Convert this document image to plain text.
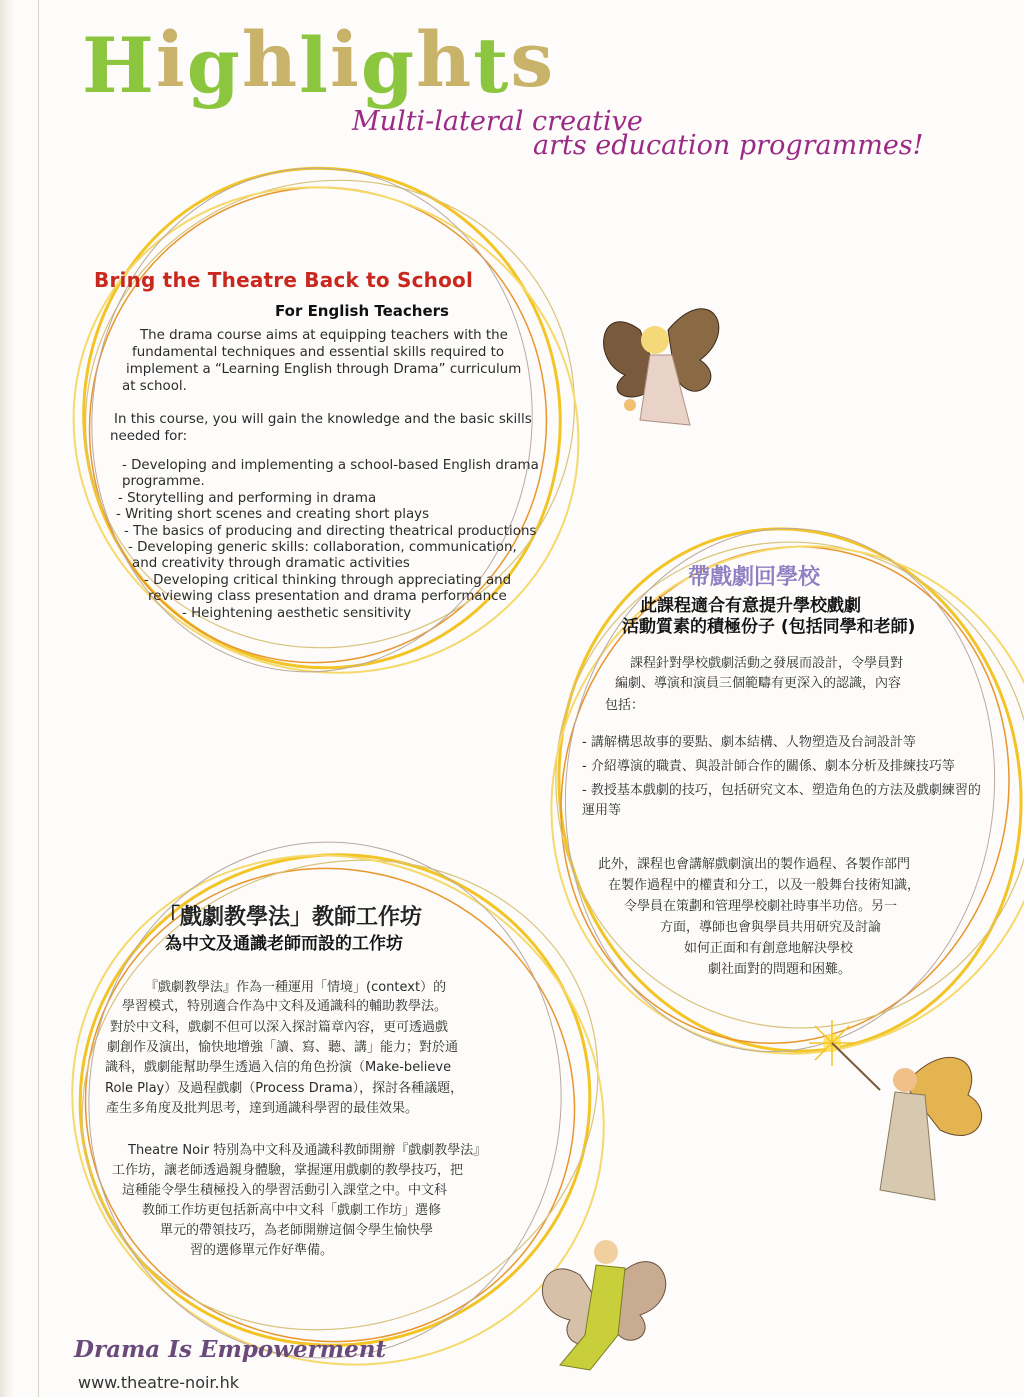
H i g h l i g h t s

Multi-lateral creative

arts education programmes!

Bring the Theatre Back to School
For English Teachers

The drama course aims at equipping teachers with the

fundamental techniques and essential skills required to

implement a “Learning English through Drama” curriculum

at school.

In this course, you will gain the knowledge and the basic skills

needed for:

- Developing and implementing a school-based English drama
programme.
- Storytelling and performing in drama
- Writing short scenes and creating short plays
- The basics of producing and directing theatrical productions
- Developing generic skills: collaboration, communication,
and creativity through dramatic activities
- Developing critical thinking through appreciating and
reviewing class presentation and drama performance
- Heightening aesthetic sensitivity
帶戲劇回學校
此課程適合有意提升學校戲劇
活動質素的積極份子 (包括同學和老師)

課程針對學校戲劇活動之發展而設計，令學員對

編劇、導演和演員三個範疇有更深入的認識，內容

包括：

- 講解構思故事的要點、劇本結構、人物塑造及台詞設計等
- 介紹導演的職責、與設計師合作的關係、劇本分析及排練技巧等
- 教授基本戲劇的技巧，包括研究文本、塑造角色的方法及戲劇練習的運用等

此外，課程也會講解戲劇演出的製作過程、各製作部門

在製作過程中的權責和分工，以及一般舞台技術知識，

令學員在策劃和管理學校劇社時事半功倍。另一

方面，導師也會與學員共用研究及討論

如何正面和有創意地解決學校

劇社面對的問題和困難。

「戲劇教學法」教師工作坊
為中文及通識老師而設的工作坊

『戲劇教學法』作為一種運用「情境」(context）的

學習模式，特別適合作為中文科及通識科的輔助教學法。

對於中文科，戲劇不但可以深入探討篇章內容，更可透過戲

劇創作及演出，愉快地增強「讀、寫、聽、講」能力；對於通

識科，戲劇能幫助學生透過入信的角色扮演（Make-believe

Role Play）及過程戲劇（Process Drama），探討各種議題，

產生多角度及批判思考，達到通識科學習的最佳效果。

Theatre Noir 特別為中文科及通識科教師開辦『戲劇教學法』

工作坊，讓老師透過親身體驗，掌握運用戲劇的教學技巧，把

這種能令學生積極投入的學習活動引入課堂之中。中文科

教師工作坊更包括新高中中文科「戲劇工作坊」選修

單元的帶領技巧，為老師開辦這個令學生愉快學

習的選修單元作好準備。

Drama Is Empowerment

www.theatre-noir.hk
